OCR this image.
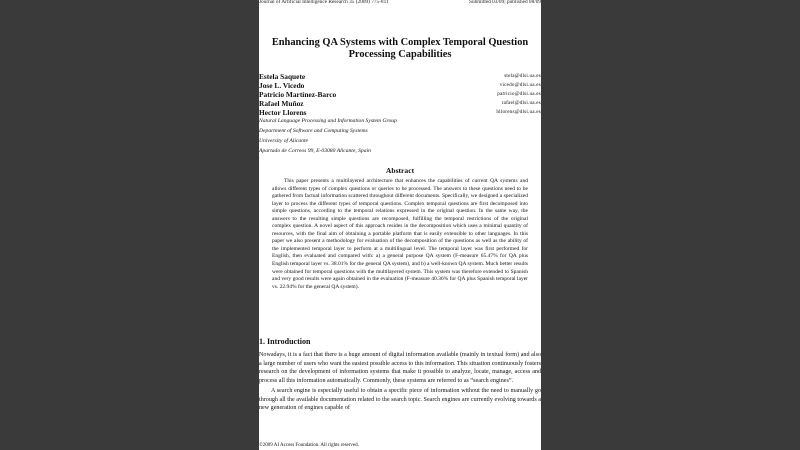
Journal of Artificial Intelligence Research 35 (2009) 775-811	Submitted 03/09; published 08/09
Enhancing QA Systems with Complex Temporal Question Processing Capabilities
Estela Saquete	stela@dlsi.ua.es
Jose L. Vicedo	vicedo@dlsi.ua.es
Patricio Martínez-Barco	patricio@dlsi.ua.es
Rafael Muñoz	rafael@dlsi.ua.es
Hector Llorens	hllorens@dlsi.ua.es
Natural Language Processing and Information System Group
Department of Software and Computing Systems
University of Alicante
Apartado de Correos 99, E-03080 Alicante, Spain
Abstract

This paper presents a multilayered architecture that enhances the capabilities of current QA systems and allows different types of complex questions or queries to be processed. The answers to these questions need to be gathered from factual information scattered throughout different documents. Specifically, we designed a specialized layer to process the different types of temporal questions. Complex temporal questions are first decomposed into simple questions, according to the temporal relations expressed in the original question. In the same way, the answers to the resulting simple questions are recomposed, fulfilling the temporal restrictions of the original complex question. A novel aspect of this approach resides in the decomposition which uses a minimal quantity of resources, with the final aim of obtaining a portable platform that is easily extensible to other languages. In this paper we also present a methodology for evaluation of the decomposition of the questions as well as the ability of the implemented temporal layer to perform at a multilingual level. The temporal layer was first performed for English, then evaluated and compared with: a) a general purpose QA system (F-measure 65.47% for QA plus English temporal layer vs. 38.01% for the general QA system), and b) a well-known QA system. Much better results were obtained for temporal questions with the multilayered system. This system was therefore extended to Spanish and very good results were again obtained in the evaluation (F-measure 40.36% for QA plus Spanish temporal layer vs. 22.94% for the general QA system).

1. Introduction

Nowadays, it is a fact that there is a huge amount of digital information available (mainly in textual form) and also a large number of users who want the easiest possible access to this information. This situation continuously fosters research on the development of information systems that make it possible to analyze, locate, manage, access and process all this information automatically. Commonly, these systems are referred to as “search engines”.

A search engine is especially useful to obtain a specific piece of information without the need to manually go through all the available documentation related to the search topic. Search engines are currently evolving towards a new generation of engines capable of

©2009 AI Access Foundation. All rights reserved.
